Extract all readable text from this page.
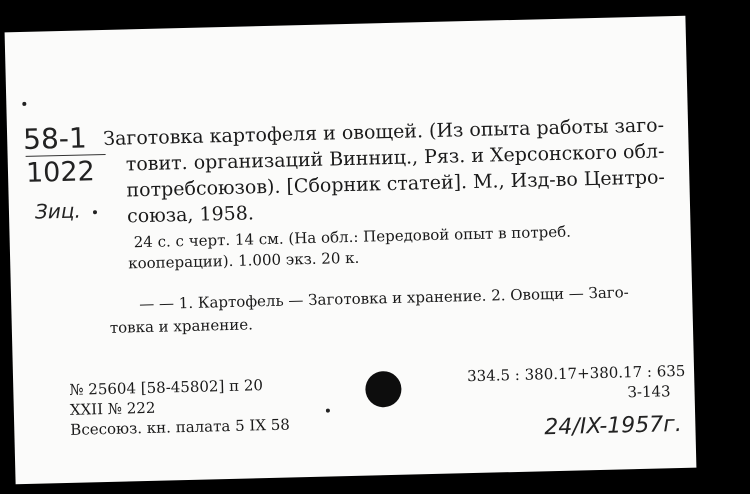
58-1
1022
Зиц.
Заготовка картофеля и овощей. (Из опыта работы заго-
товит. организаций Винниц., Ряз. и Херсонского обл-
потребсоюзов). [Сборник статей]. М., Изд-во Центро-
союза, 1958.
24 с. с черт. 14 см. (На обл.: Передовой опыт в потреб.
кооперации). 1.000 экз. 20 к.
— — 1. Картофель — Заготовка и хранение. 2. Овощи — Заго-
товка и хранение.
№ 25604 [58-45802] п 20
XXII № 222
Всесоюз. кн. палата 5 IX 58
334.5 : 380.17+380.17 : 635
З-143
24/IX-1957г.
